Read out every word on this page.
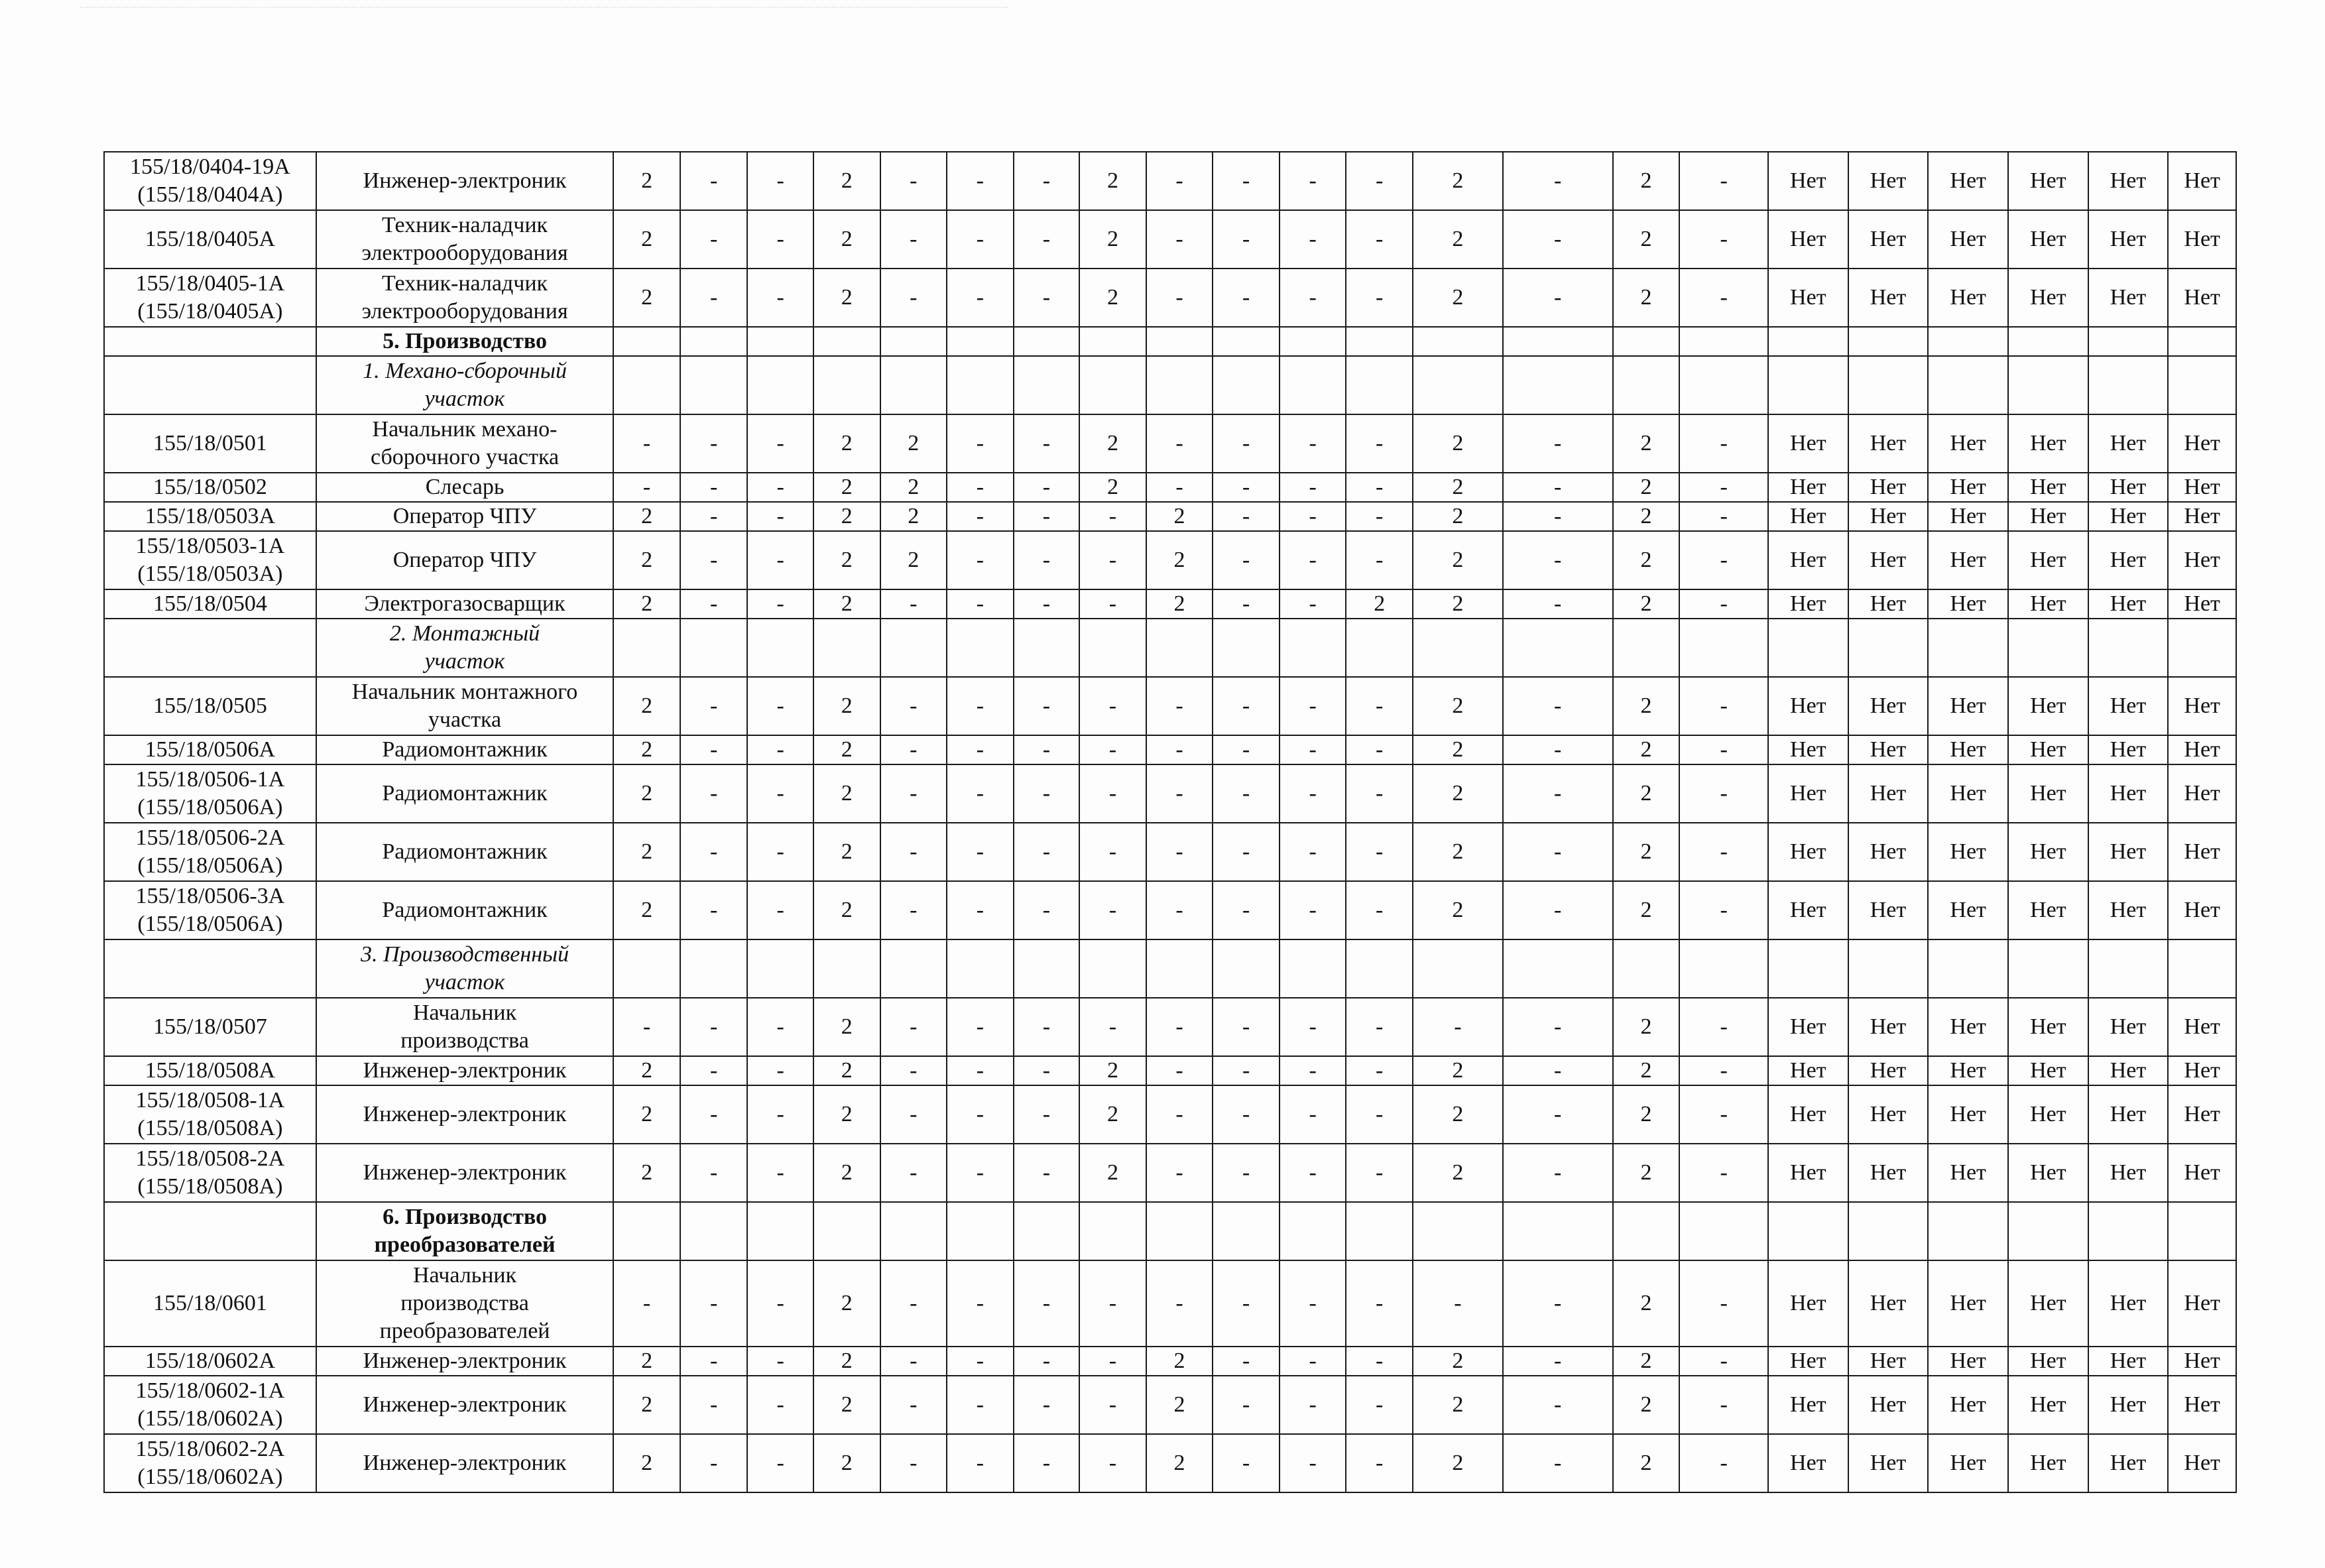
155/18/0404-19А
(155/18/0404А)	Инженер-электроник	2	-	-	2	-	-	-	2	-	-	-	-	2	-	2	-	Нет	Нет	Нет	Нет	Нет	Нет
155/18/0405А	Техник-наладчик
электрооборудования	2	-	-	2	-	-	-	2	-	-	-	-	2	-	2	-	Нет	Нет	Нет	Нет	Нет	Нет
155/18/0405-1А
(155/18/0405А)	Техник-наладчик
электрооборудования	2	-	-	2	-	-	-	2	-	-	-	-	2	-	2	-	Нет	Нет	Нет	Нет	Нет	Нет
	5. Производство																						
	1. Механо-сборочный
участок																						
155/18/0501	Начальник механо-
сборочного участка	-	-	-	2	2	-	-	2	-	-	-	-	2	-	2	-	Нет	Нет	Нет	Нет	Нет	Нет
155/18/0502	Слесарь	-	-	-	2	2	-	-	2	-	-	-	-	2	-	2	-	Нет	Нет	Нет	Нет	Нет	Нет
155/18/0503А	Оператор ЧПУ	2	-	-	2	2	-	-	-	2	-	-	-	2	-	2	-	Нет	Нет	Нет	Нет	Нет	Нет
155/18/0503-1А
(155/18/0503А)	Оператор ЧПУ	2	-	-	2	2	-	-	-	2	-	-	-	2	-	2	-	Нет	Нет	Нет	Нет	Нет	Нет
155/18/0504	Электрогазосварщик	2	-	-	2	-	-	-	-	2	-	-	2	2	-	2	-	Нет	Нет	Нет	Нет	Нет	Нет
	2. Монтажный
участок																						
155/18/0505	Начальник монтажного
участка	2	-	-	2	-	-	-	-	-	-	-	-	2	-	2	-	Нет	Нет	Нет	Нет	Нет	Нет
155/18/0506А	Радиомонтажник	2	-	-	2	-	-	-	-	-	-	-	-	2	-	2	-	Нет	Нет	Нет	Нет	Нет	Нет
155/18/0506-1А
(155/18/0506А)	Радиомонтажник	2	-	-	2	-	-	-	-	-	-	-	-	2	-	2	-	Нет	Нет	Нет	Нет	Нет	Нет
155/18/0506-2А
(155/18/0506А)	Радиомонтажник	2	-	-	2	-	-	-	-	-	-	-	-	2	-	2	-	Нет	Нет	Нет	Нет	Нет	Нет
155/18/0506-3А
(155/18/0506А)	Радиомонтажник	2	-	-	2	-	-	-	-	-	-	-	-	2	-	2	-	Нет	Нет	Нет	Нет	Нет	Нет
	3. Производственный
участок																						
155/18/0507	Начальник
производства	-	-	-	2	-	-	-	-	-	-	-	-	-	-	2	-	Нет	Нет	Нет	Нет	Нет	Нет
155/18/0508А	Инженер-электроник	2	-	-	2	-	-	-	2	-	-	-	-	2	-	2	-	Нет	Нет	Нет	Нет	Нет	Нет
155/18/0508-1А
(155/18/0508А)	Инженер-электроник	2	-	-	2	-	-	-	2	-	-	-	-	2	-	2	-	Нет	Нет	Нет	Нет	Нет	Нет
155/18/0508-2А
(155/18/0508А)	Инженер-электроник	2	-	-	2	-	-	-	2	-	-	-	-	2	-	2	-	Нет	Нет	Нет	Нет	Нет	Нет
	6. Производство
преобразователей																						
155/18/0601	Начальник
производства
преобразователей	-	-	-	2	-	-	-	-	-	-	-	-	-	-	2	-	Нет	Нет	Нет	Нет	Нет	Нет
155/18/0602А	Инженер-электроник	2	-	-	2	-	-	-	-	2	-	-	-	2	-	2	-	Нет	Нет	Нет	Нет	Нет	Нет
155/18/0602-1А
(155/18/0602А)	Инженер-электроник	2	-	-	2	-	-	-	-	2	-	-	-	2	-	2	-	Нет	Нет	Нет	Нет	Нет	Нет
155/18/0602-2А
(155/18/0602А)	Инженер-электроник	2	-	-	2	-	-	-	-	2	-	-	-	2	-	2	-	Нет	Нет	Нет	Нет	Нет	Нет
